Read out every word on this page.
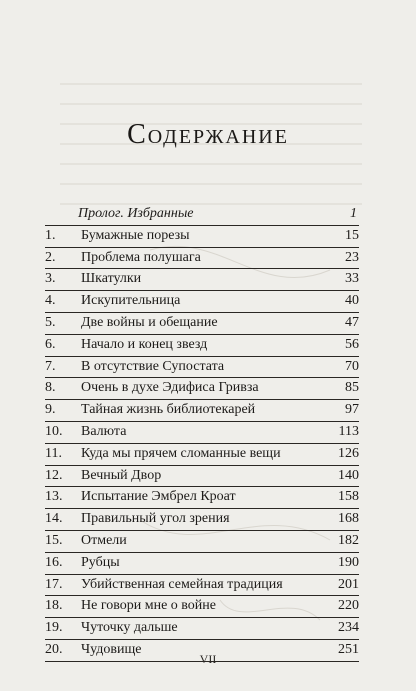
Содержание
Пролог. Избранные	1
1. Бумажные порезы	15
2. Проблема полушага	23
3. Шкатулки	33
4. Искупительница	40
5. Две войны и обещание	47
6. Начало и конец звезд	56
7. В отсутствие Супостата	70
8. Очень в духе Эдифиса Гривза	85
9. Тайная жизнь библиотекарей	97
10. Валюта	113
11. Куда мы прячем сломанные вещи	126
12. Вечный Двор	140
13. Испытание Эмбрел Кроат	158
14. Правильный угол зрения	168
15. Отмели	182
16. Рубцы	190
17. Убийственная семейная традиция	201
18. Не говори мне о войне	220
19. Чуточку дальше	234
20. Чудовище	251
VII
